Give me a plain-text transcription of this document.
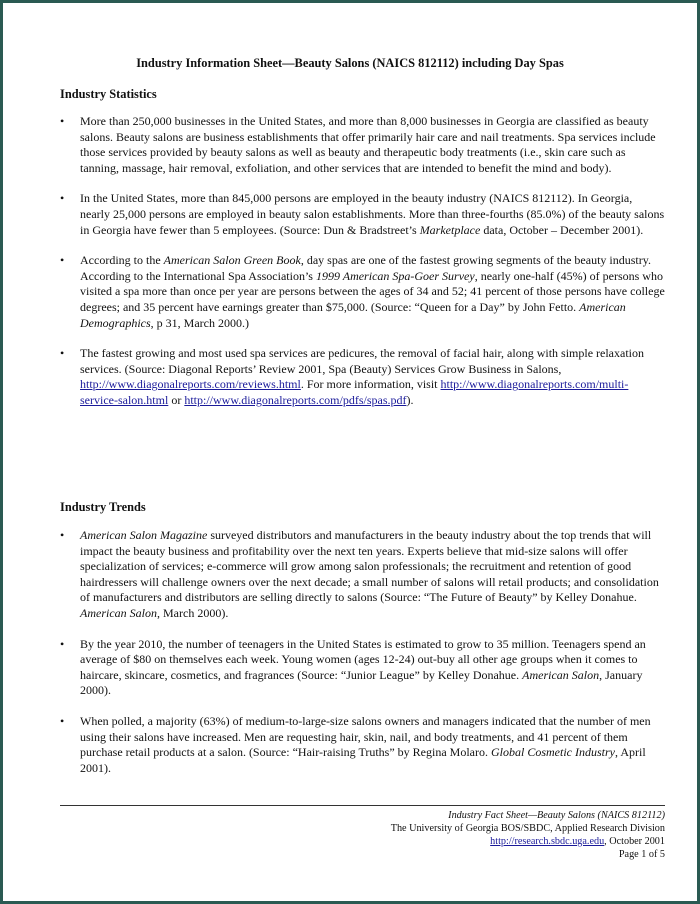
Industry Information Sheet—Beauty Salons (NAICS 812112) including Day Spas
Industry Statistics
• More than 250,000 businesses in the United States, and more than 8,000 businesses in Georgia are classified as beauty salons. Beauty salons are business establishments that offer primarily hair care and nail treatments. Spa services include those services provided by beauty salons as well as beauty and therapeutic body treatments (i.e., skin care such as tanning, massage, hair removal, exfoliation, and other services that are intended to benefit the mind and body).
• In the United States, more than 845,000 persons are employed in the beauty industry (NAICS 812112). In Georgia, nearly 25,000 persons are employed in beauty salon establishments. More than three-fourths (85.0%) of the beauty salons in Georgia have fewer than 5 employees. (Source: Dun & Bradstreet’s Marketplace data, October – December 2001).
• According to the American Salon Green Book, day spas are one of the fastest growing segments of the beauty industry. According to the International Spa Association’s 1999 American Spa-Goer Survey, nearly one-half (45%) of persons who visited a spa more than once per year are persons between the ages of 34 and 52; 41 percent of those persons have college degrees; and 35 percent have earnings greater than $75,000. (Source: “Queen for a Day” by John Fetto. American Demographics, p 31, March 2000.)
• The fastest growing and most used spa services are pedicures, the removal of facial hair, along with simple relaxation services. (Source: Diagonal Reports’ Review 2001, Spa (Beauty) Services Grow Business in Salons, http://www.diagonalreports.com/reviews.html. For more information, visit http://www.diagonalreports.com/multi-service-salon.html or http://www.diagonalreports.com/pdfs/spas.pdf).
Industry Trends
• American Salon Magazine surveyed distributors and manufacturers in the beauty industry about the top trends that will impact the beauty business and profitability over the next ten years. Experts believe that mid-size salons will offer specialization of services; e-commerce will grow among salon professionals; the recruitment and retention of good hairdressers will challenge owners over the next decade; a small number of salons will retail products; and consolidation of manufacturers and distributors are selling directly to salons (Source: “The Future of Beauty” by Kelley Donahue. American Salon, March 2000).
• By the year 2010, the number of teenagers in the United States is estimated to grow to 35 million. Teenagers spend an average of $80 on themselves each week. Young women (ages 12-24) out-buy all other age groups when it comes to haircare, skincare, cosmetics, and fragrances (Source: “Junior League” by Kelley Donahue. American Salon, January 2000).
• When polled, a majority (63%) of medium-to-large-size salons owners and managers indicated that the number of men using their salons have increased. Men are requesting hair, skin, nail, and body treatments, and 41 percent of them purchase retail products at a salon. (Source: “Hair-raising Truths” by Regina Molaro. Global Cosmetic Industry, April 2001).
Industry Fact Sheet—Beauty Salons (NAICS 812112)
The University of Georgia BOS/SBDC, Applied Research Division
http://research.sbdc.uga.edu, October 2001
Page 1 of 5
